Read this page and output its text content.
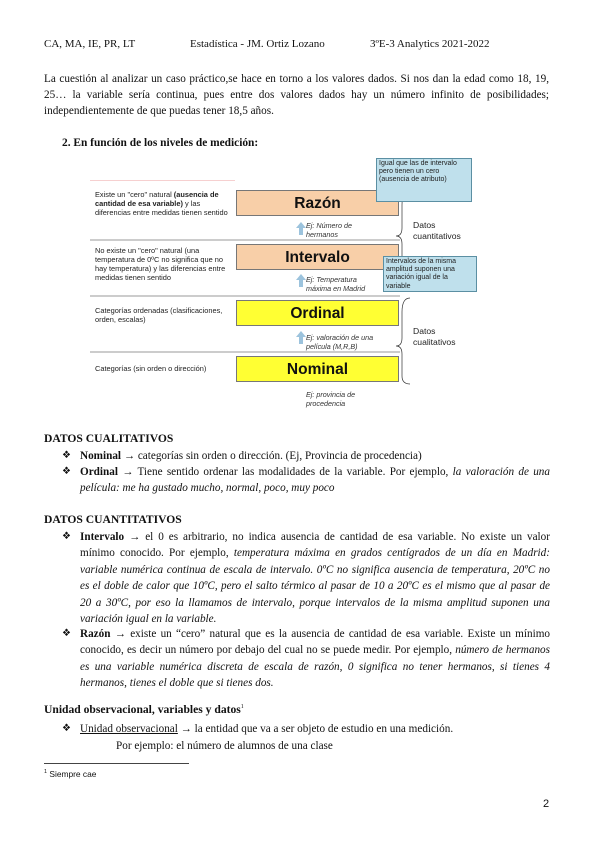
CA, MA, IE, PR, LT	Estadística - JM. Ortiz Lozano	3ºE-3 Analytics 2021-2022
La cuestión al analizar un caso práctico,se hace en torno a los valores dados. Si nos dan la edad como 18, 19, 25… la variable sería continua, pues entre dos valores dados hay un número infinito de posibilidades; independientemente de que puedas tener 18,5 años.
2. En función de los niveles de medición:
Razón
Intervalo
Ordinal
Nominal
Existe un "cero" natural (ausencia de cantidad de esa variable) y las diferencias entre medidas tienen sentido
No existe un "cero" natural (una temperatura de 0ºC no significa que no hay temperatura) y las diferencias entre medidas tienen sentido
Categorías ordenadas (clasificaciones, orden, escalas)
Categorías (sin orden o dirección)
Ej: Número de hermanos
Ej: Temperatura máxima en Madrid
Ej: valoración de una película (M,R,B)
Ej: provincia de procedencia
Igual que las de intervalo pero tienen un cero (ausencia de atributo)
Intervalos de la misma amplitud suponen una variación igual de la variable
Datos cuantitativos
Datos cualitativos
DATOS CUALITATIVOS
❖ Nominal → categorías sin orden o dirección. (Ej, Provincia de procedencia)
❖ Ordinal → Tiene sentido ordenar las modalidades de la variable. Por ejemplo, la valoración de una película: me ha gustado mucho, normal, poco, muy poco
DATOS CUANTITATIVOS
❖ Intervalo → el 0 es arbitrario, no indica ausencia de cantidad de esa variable. No existe un valor mínimo conocido. Por ejemplo, temperatura máxima en grados centígrados de un día en Madrid: variable numérica continua de escala de intervalo. 0ºC no significa ausencia de temperatura, 20ºC no es el doble de calor que 10ºC, pero el salto térmico al pasar de 10 a 20ºC es el mismo que al pasar de 20 a 30ºC, por eso la llamamos de intervalo, porque intervalos de la misma amplitud suponen una variación igual en la variable.
❖ Razón → existe un “cero” natural que es la ausencia de cantidad de esa variable. Existe un mínimo conocido, es decir un número por debajo del cual no se puede medir. Por ejemplo, número de hermanos es una variable numérica discreta de escala de razón, 0 significa no tener hermanos, si tienes 4 hermanos, tienes el doble que si tienes dos.
Unidad observacional, variables y datos$^1$
❖ Unidad observacional → la entidad que va a ser objeto de estudio en una medición.
Por ejemplo: el número de alumnos de una clase
$^1$ Siempre cae
2
